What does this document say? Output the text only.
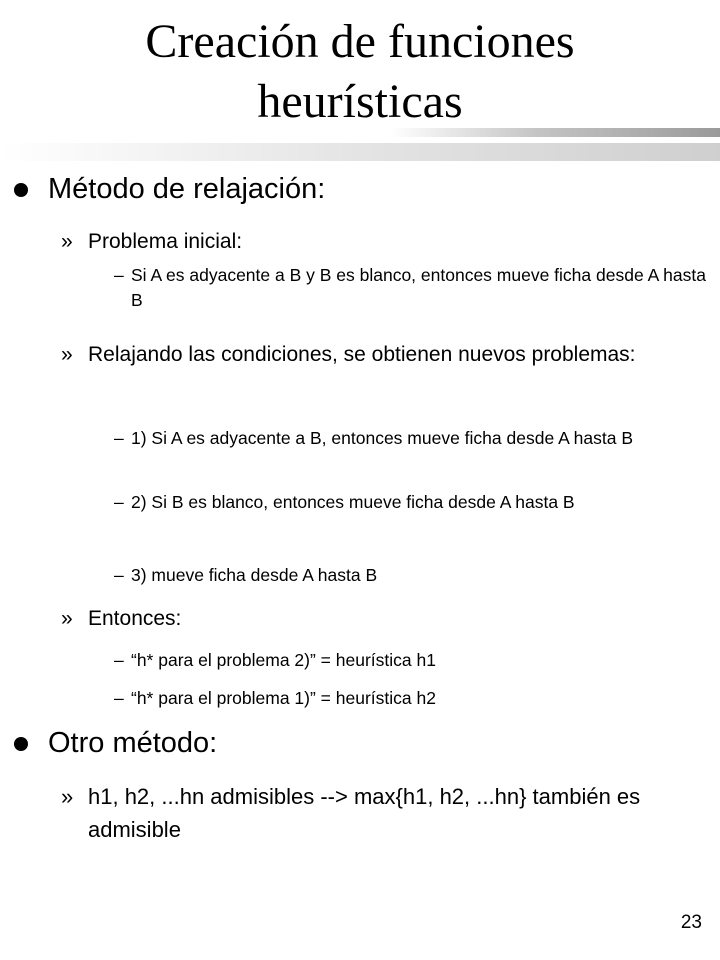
Creación de funciones
heurísticas
Método de relajación:
» Problema inicial:
– Si A es adyacente a B y B es blanco, entonces mueve ficha desde A hasta B
» Relajando las condiciones, se obtienen nuevos problemas:
– 1) Si A es adyacente a B, entonces mueve ficha desde A hasta B
– 2) Si B es blanco, entonces mueve ficha desde A hasta B
– 3) mueve ficha desde A hasta B
» Entonces:
– “h* para el problema 2)” = heurística h1
– “h* para el problema 1)” = heurística h2
Otro método:
» h1, h2, ...hn admisibles --> max{h1, h2, ...hn} también es admisible
23
